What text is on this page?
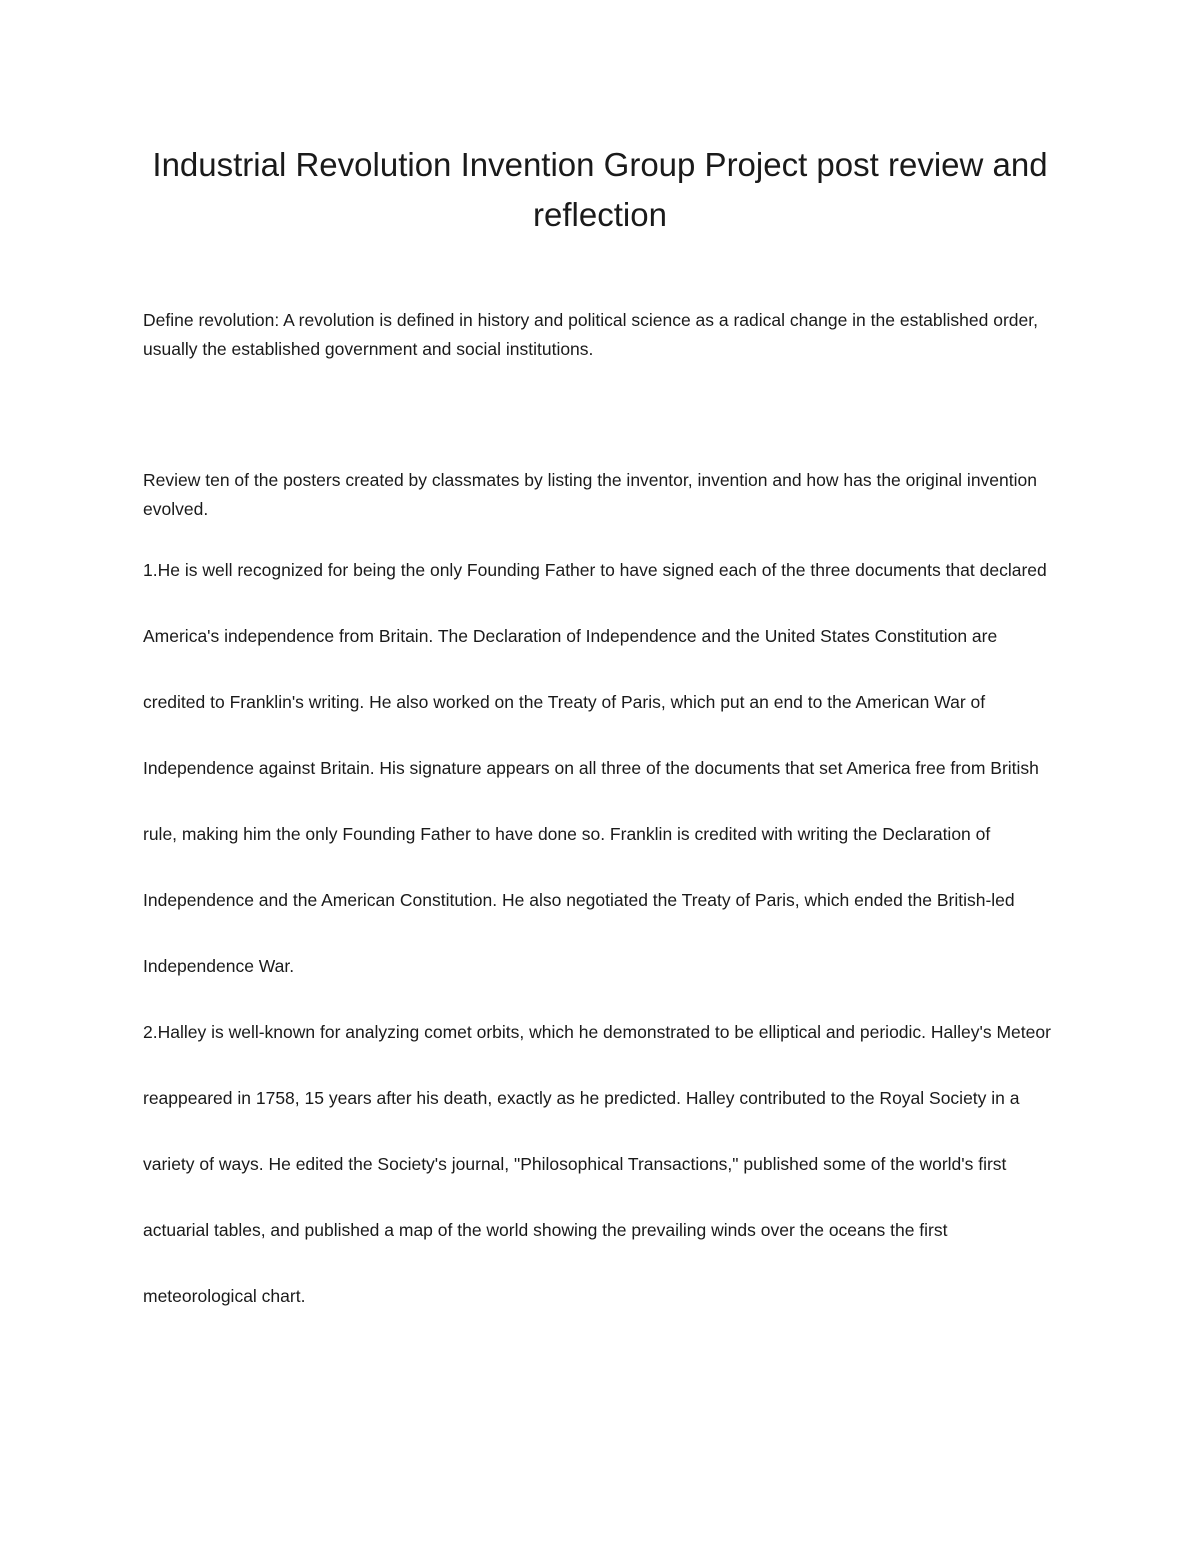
Industrial Revolution Invention Group Project post review and reflection

Define revolution: A revolution is defined in history and political science as a radical change in the established order, usually the established government and social institutions.

Review ten of the posters created by classmates by listing the inventor, invention and how has the original invention evolved.

1.He is well recognized for being the only Founding Father to have signed each of the three documents that declared America's independence from Britain. The Declaration of Independence and the United States Constitution are credited to Franklin's writing. He also worked on the Treaty of Paris, which put an end to the American War of Independence against Britain. His signature appears on all three of the documents that set America free from British rule, making him the only Founding Father to have done so. Franklin is credited with writing the Declaration of Independence and the American Constitution. He also negotiated the Treaty of Paris, which ended the British-led Independence War.

2.Halley is well-known for analyzing comet orbits, which he demonstrated to be elliptical and periodic. Halley's Meteor reappeared in 1758, 15 years after his death, exactly as he predicted. Halley contributed to the Royal Society in a variety of ways. He edited the Society's journal, "Philosophical Transactions," published some of the world's first actuarial tables, and published a map of the world showing the prevailing winds over the oceans the first meteorological chart.
